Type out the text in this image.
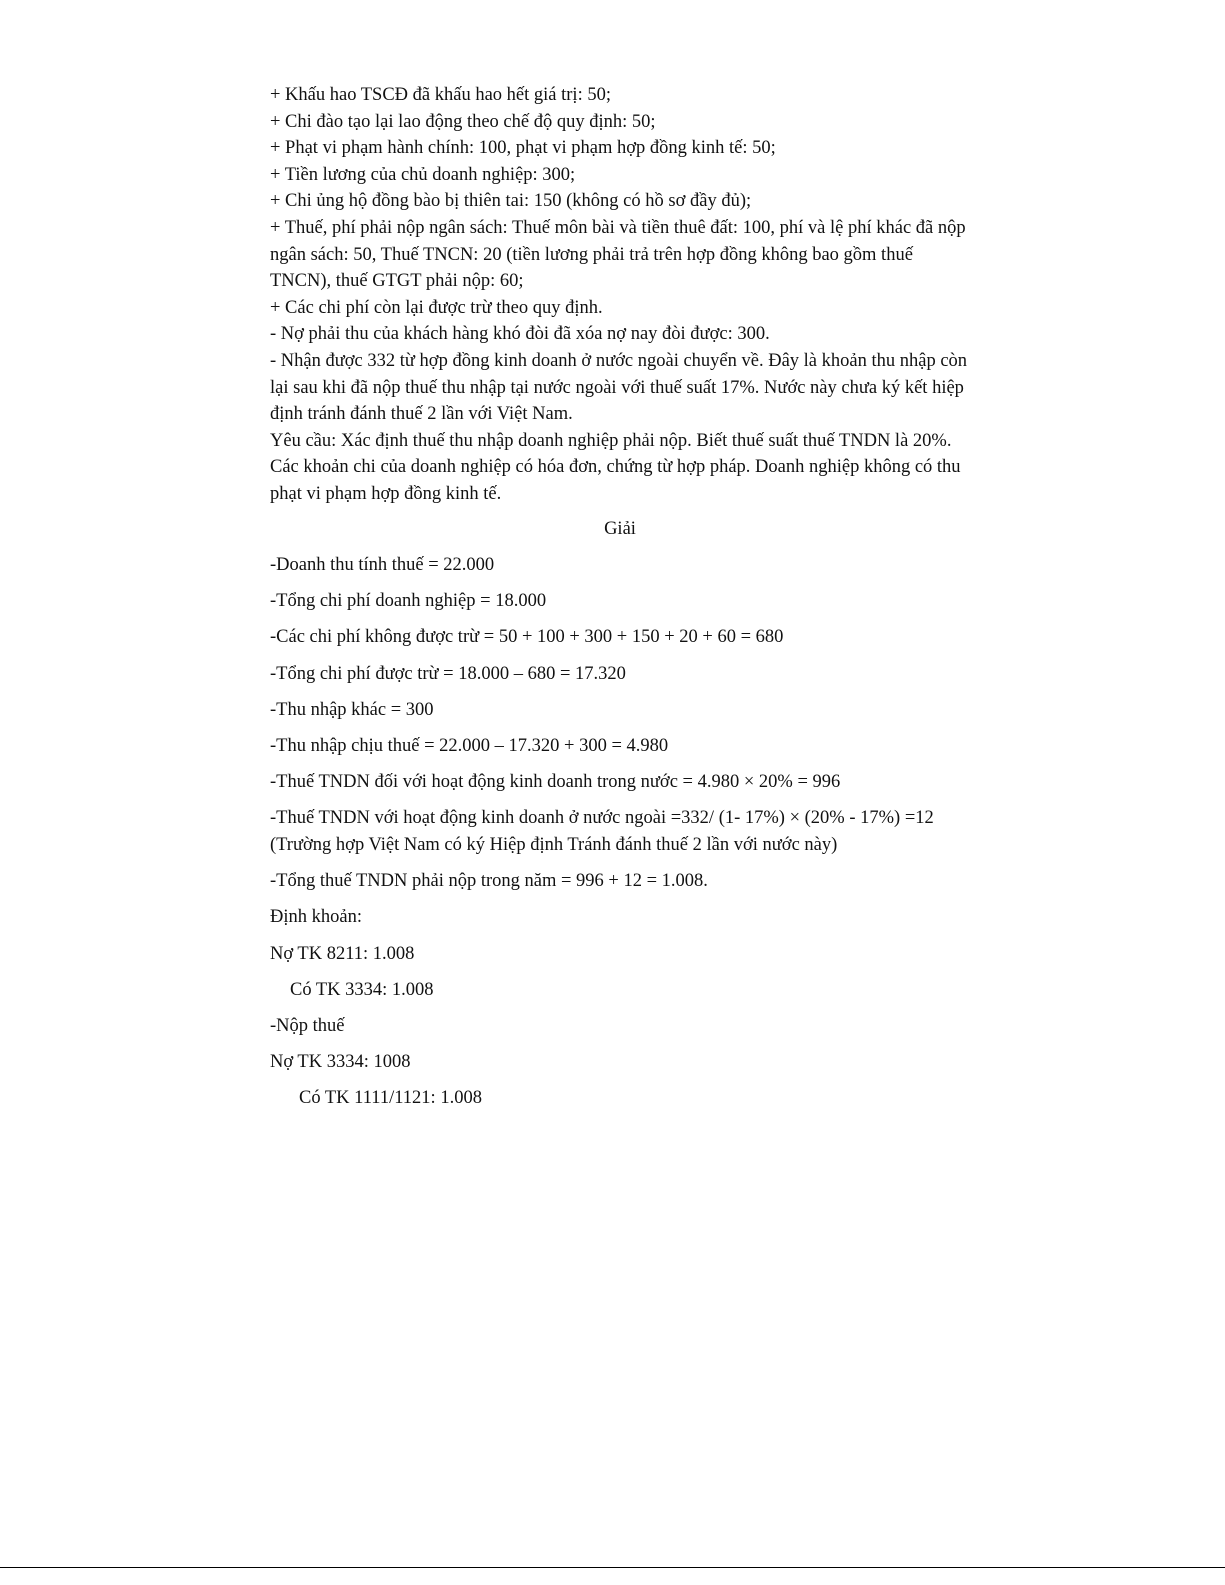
+ Khấu hao TSCĐ đã khấu hao hết giá trị: 50;

+ Chi đào tạo lại lao động theo chế độ quy định: 50;

+ Phạt vi phạm hành chính: 100, phạt vi phạm hợp đồng kinh tế: 50;

+ Tiền lương của chủ doanh nghiệp: 300;

+ Chi ủng hộ đồng bào bị thiên tai: 150 (không có hồ sơ đầy đủ);

+ Thuế, phí phải nộp ngân sách: Thuế môn bài và tiền thuê đất: 100, phí và lệ phí khác đã nộp ngân sách: 50, Thuế TNCN: 20 (tiền lương phải trả trên hợp đồng không bao gồm thuế TNCN), thuế GTGT phải nộp: 60;

+ Các chi phí còn lại được trừ theo quy định.

- Nợ phải thu của khách hàng khó đòi đã xóa nợ nay đòi được: 300.

- Nhận được 332 từ hợp đồng kinh doanh ở nước ngoài chuyển về. Đây là khoản thu nhập còn lại sau khi đã nộp thuế thu nhập tại nước ngoài với thuế suất 17%. Nước này chưa ký kết hiệp định tránh đánh thuế 2 lần với Việt Nam.

Yêu cầu: Xác định thuế thu nhập doanh nghiệp phải nộp. Biết thuế suất thuế TNDN là 20%. Các khoản chi của doanh nghiệp có hóa đơn, chứng từ hợp pháp. Doanh nghiệp không có thu phạt vi phạm hợp đồng kinh tế.

Giải

-Doanh thu tính thuế = 22.000

-Tổng chi phí doanh nghiệp = 18.000

-Các chi phí không được trừ = 50 + 100 + 300 + 150 + 20 + 60 = 680

-Tổng chi phí được trừ = 18.000 – 680 = 17.320

-Thu nhập khác = 300

-Thu nhập chịu thuế = 22.000 – 17.320 + 300 = 4.980

-Thuế TNDN đối với hoạt động kinh doanh trong nước = 4.980 × 20% = 996

-Thuế TNDN với hoạt động kinh doanh ở nước ngoài =332/ (1- 17%) × (20% - 17%) =12

(Trường hợp Việt Nam có ký Hiệp định Tránh đánh thuế 2 lần với nước này)

-Tổng thuế TNDN phải nộp trong năm = 996 + 12 = 1.008.

Định khoản:

Nợ TK 8211: 1.008

Có TK 3334: 1.008

-Nộp thuế

Nợ TK 3334: 1008

Có TK 1111/1121: 1.008
